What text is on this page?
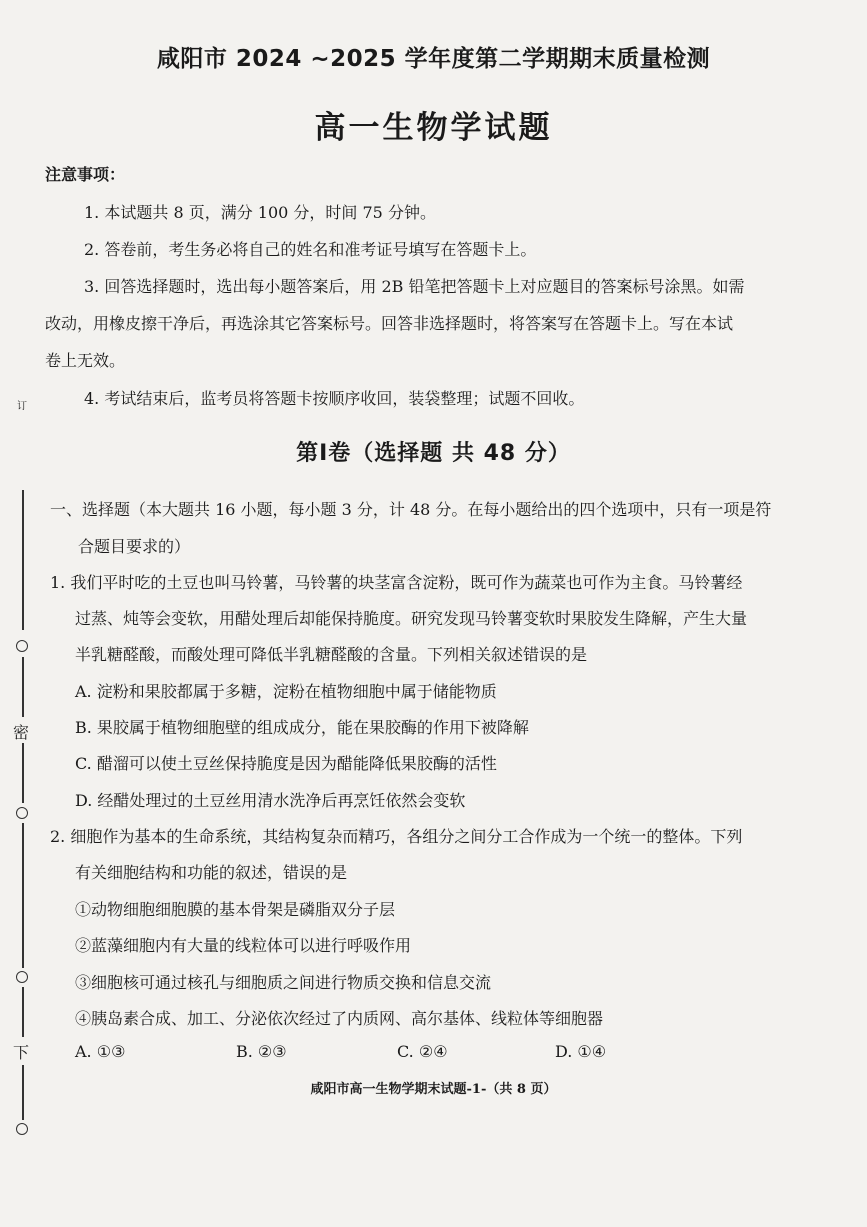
密
下
订
咸阳市 2024 ~2025 学年度第二学期期末质量检测
高一生物学试题
注意事项：
1. 本试题共 8 页，满分 100 分，时间 75 分钟。
2. 答卷前，考生务必将自己的姓名和准考证号填写在答题卡上。
3. 回答选择题时，选出每小题答案后，用 2B 铅笔把答题卡上对应题目的答案标号涂黑。如需
改动，用橡皮擦干净后，再选涂其它答案标号。回答非选择题时，将答案写在答题卡上。写在本试
卷上无效。
4. 考试结束后，监考员将答题卡按顺序收回，装袋整理；试题不回收。
第Ⅰ卷（选择题 共 48 分）
一、选择题（本大题共 16 小题，每小题 3 分，计 48 分。在每小题给出的四个选项中，只有一项是符
合题目要求的）
1. 我们平时吃的土豆也叫马铃薯，马铃薯的块茎富含淀粉，既可作为蔬菜也可作为主食。马铃薯经
过蒸、炖等会变软，用醋处理后却能保持脆度。研究发现马铃薯变软时果胶发生降解，产生大量
半乳糖醛酸，而酸处理可降低半乳糖醛酸的含量。下列相关叙述错误的是
A. 淀粉和果胶都属于多糖，淀粉在植物细胞中属于储能物质
B. 果胶属于植物细胞壁的组成成分，能在果胶酶的作用下被降解
C. 醋溜可以使土豆丝保持脆度是因为醋能降低果胶酶的活性
D. 经醋处理过的土豆丝用清水洗净后再烹饪依然会变软
2. 细胞作为基本的生命系统，其结构复杂而精巧，各组分之间分工合作成为一个统一的整体。下列
有关细胞结构和功能的叙述，错误的是
①动物细胞细胞膜的基本骨架是磷脂双分子层
②蓝藻细胞内有大量的线粒体可以进行呼吸作用
③细胞核可通过核孔与细胞质之间进行物质交换和信息交流
④胰岛素合成、加工、分泌依次经过了内质网、高尔基体、线粒体等细胞器
A. ①③	B. ②③	C. ②④	D. ①④
咸阳市高一生物学期末试题-1-（共 8 页）
